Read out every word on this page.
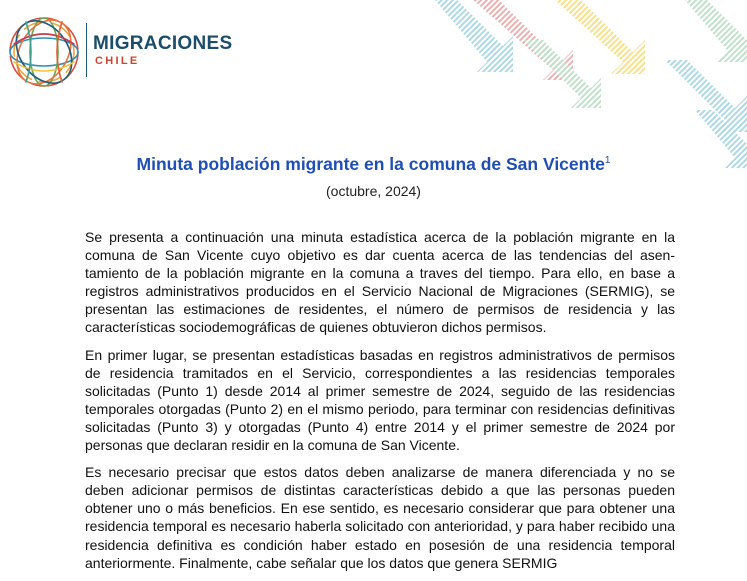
MIGRACIONES
CHILE
Minuta población migrante en la comuna de San Vicente$^1$
(octubre, 2024)

Se presenta a continuación una minuta estadística acerca de la población migrante en la comuna de San Vicente cuyo objetivo es dar cuenta acerca de las tendencias del asentamiento de la población migrante en la comuna a traves del tiempo. Para ello, en base a registros administrativos producidos en el Servicio Nacional de Migraciones (SERMIG), se presentan las estimaciones de residentes, el número de permisos de residencia y las características sociodemográficas de quienes obtuvieron dichos permisos.

En primer lugar, se presentan estadísticas basadas en registros administrativos de permisos de residencia tramitados en el Servicio, correspondientes a las residencias temporales solicitadas (Punto 1) desde 2014 al primer semestre de 2024, seguido de las residencias temporales otorgadas (Punto 2) en el mismo periodo, para terminar con residencias definitivas solicitadas (Punto 3) y otorgadas (Punto 4) entre 2014 y el primer semestre de 2024 por personas que declaran residir en la comuna de San Vicente.

Es necesario precisar que estos datos deben analizarse de manera diferenciada y no se deben adicionar permisos de distintas características debido a que las personas pueden obtener uno o más beneficios. En ese sentido, es necesario considerar que para obtener una residencia temporal es necesario haberla solicitado con anterioridad, y para haber recibido una residencia definitiva es condición haber estado en posesión de una residencia temporal anteriormente. Finalmente, cabe señalar que los datos que genera SERMIG
